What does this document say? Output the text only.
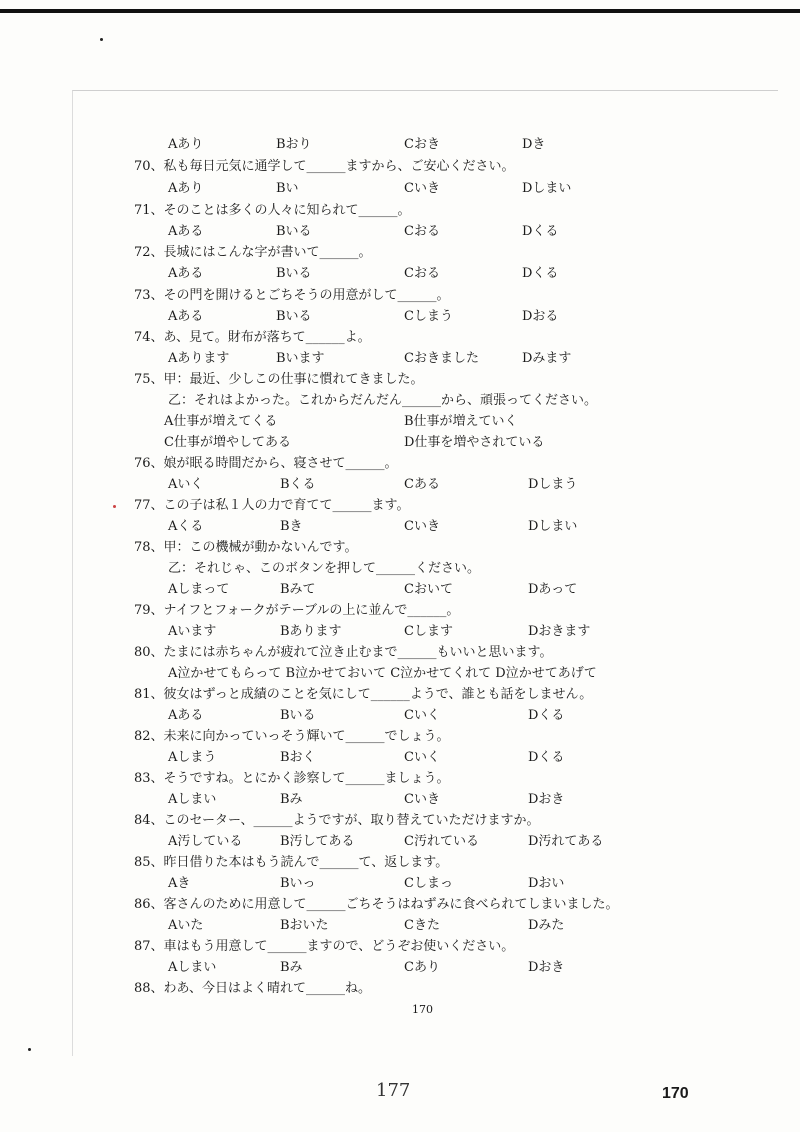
Aあり	Bおり	Cおき	Dき
70、私も毎日元気に通学して______ますから、ご安心ください。
Aあり	Bい	Cいき	Dしまい
71、そのことは多くの人々に知られて______。
Aある	Bいる	Cおる	Dくる
72、長城にはこんな字が書いて______。
Aある	Bいる	Cおる	Dくる
73、その門を開けるとごちそうの用意がして______。
Aある	Bいる	Cしまう	Dおる
74、あ、見て。財布が落ちて______よ。
Aあります	Bいます	Cおきました	Dみます
75、甲：最近、少しこの仕事に慣れてきました。
乙：それはよかった。これからだんだん______から、頑張ってください。
A仕事が増えてくる	B仕事が増えていく
C仕事が増やしてある	D仕事を増やされている
76、娘が眠る時間だから、寝させて______。
Aいく	Bくる	Cある	Dしまう
77、この子は私１人の力で育てて______ます。
Aくる	Bき	Cいき	Dしまい
78、甲：この機械が動かないんです。
乙：それじゃ、このボタンを押して______ください。
Aしまって	Bみて	Cおいて	Dあって
79、ナイフとフォークがテーブルの上に並んで______。
Aいます	Bあります	Cします	Dおきます
80、たまには赤ちゃんが疲れて泣き止むまで______もいいと思います。
A泣かせてもらって B泣かせておいて C泣かせてくれて D泣かせてあげて
81、彼女はずっと成績のことを気にして______ようで、誰とも話をしません。
Aある	Bいる	Cいく	Dくる
82、未来に向かっていっそう輝いて______でしょう。
Aしまう	Bおく	Cいく	Dくる
83、そうですね。とにかく診察して______ましょう。
Aしまい	Bみ	Cいき	Dおき
84、このセーター、______ようですが、取り替えていただけますか。
A汚している	B汚してある	C汚れている	D汚れてある
85、昨日借りた本はもう読んで______て、返します。
Aき	Bいっ	Cしまっ	Dおい
86、客さんのために用意して______ごちそうはねずみに食べられてしまいました。
Aいた	Bおいた	Cきた	Dみた
87、車はもう用意して______ますので、どうぞお使いください。
Aしまい	Bみ	Cあり	Dおき
88、わあ、今日はよく晴れて______ね。
170
177	170
